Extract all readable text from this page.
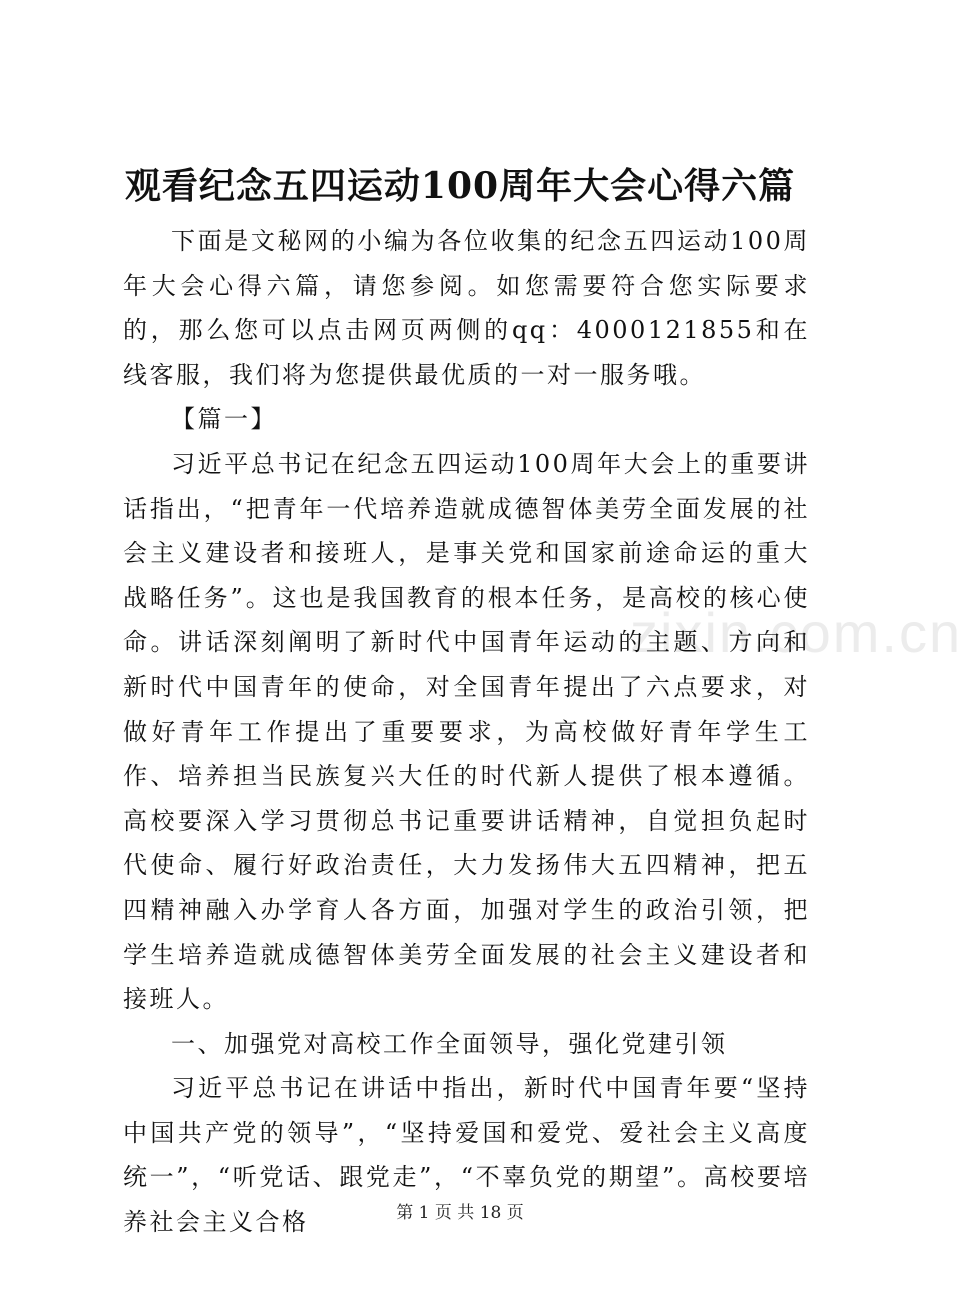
zixin.com.cn
观看纪念五四运动100周年大会心得六篇

下面是文秘网的小编为各位收集的纪念五四运动100周年大会心得六篇，请您参阅。如您需要符合您实际要求的，那么您可以点击网页两侧的qq：4000121855和在线客服，我们将为您提供最优质的一对一服务哦。

【篇一】

习近平总书记在纪念五四运动100周年大会上的重要讲话指出，“把青年一代培养造就成德智体美劳全面发展的社会主义建设者和接班人，是事关党和国家前途命运的重大战略任务”。这也是我国教育的根本任务，是高校的核心使命。讲话深刻阐明了新时代中国青年运动的主题、方向和新时代中国青年的使命，对全国青年提出了六点要求，对做好青年工作提出了重要要求，为高校做好青年学生工作、培养担当民族复兴大任的时代新人提供了根本遵循。高校要深入学习贯彻总书记重要讲话精神，自觉担负起时代使命、履行好政治责任，大力发扬伟大五四精神，把五四精神融入办学育人各方面，加强对学生的政治引领，把学生培养造就成德智体美劳全面发展的社会主义建设者和接班人。

一、加强党对高校工作全面领导，强化党建引领

习近平总书记在讲话中指出，新时代中国青年要“坚持中国共产党的领导”，“坚持爱国和爱党、爱社会主义高度统一”，“听党话、跟党走”，“不辜负党的期望”。高校要培养社会主义合格	第 1 页 共 18 页
